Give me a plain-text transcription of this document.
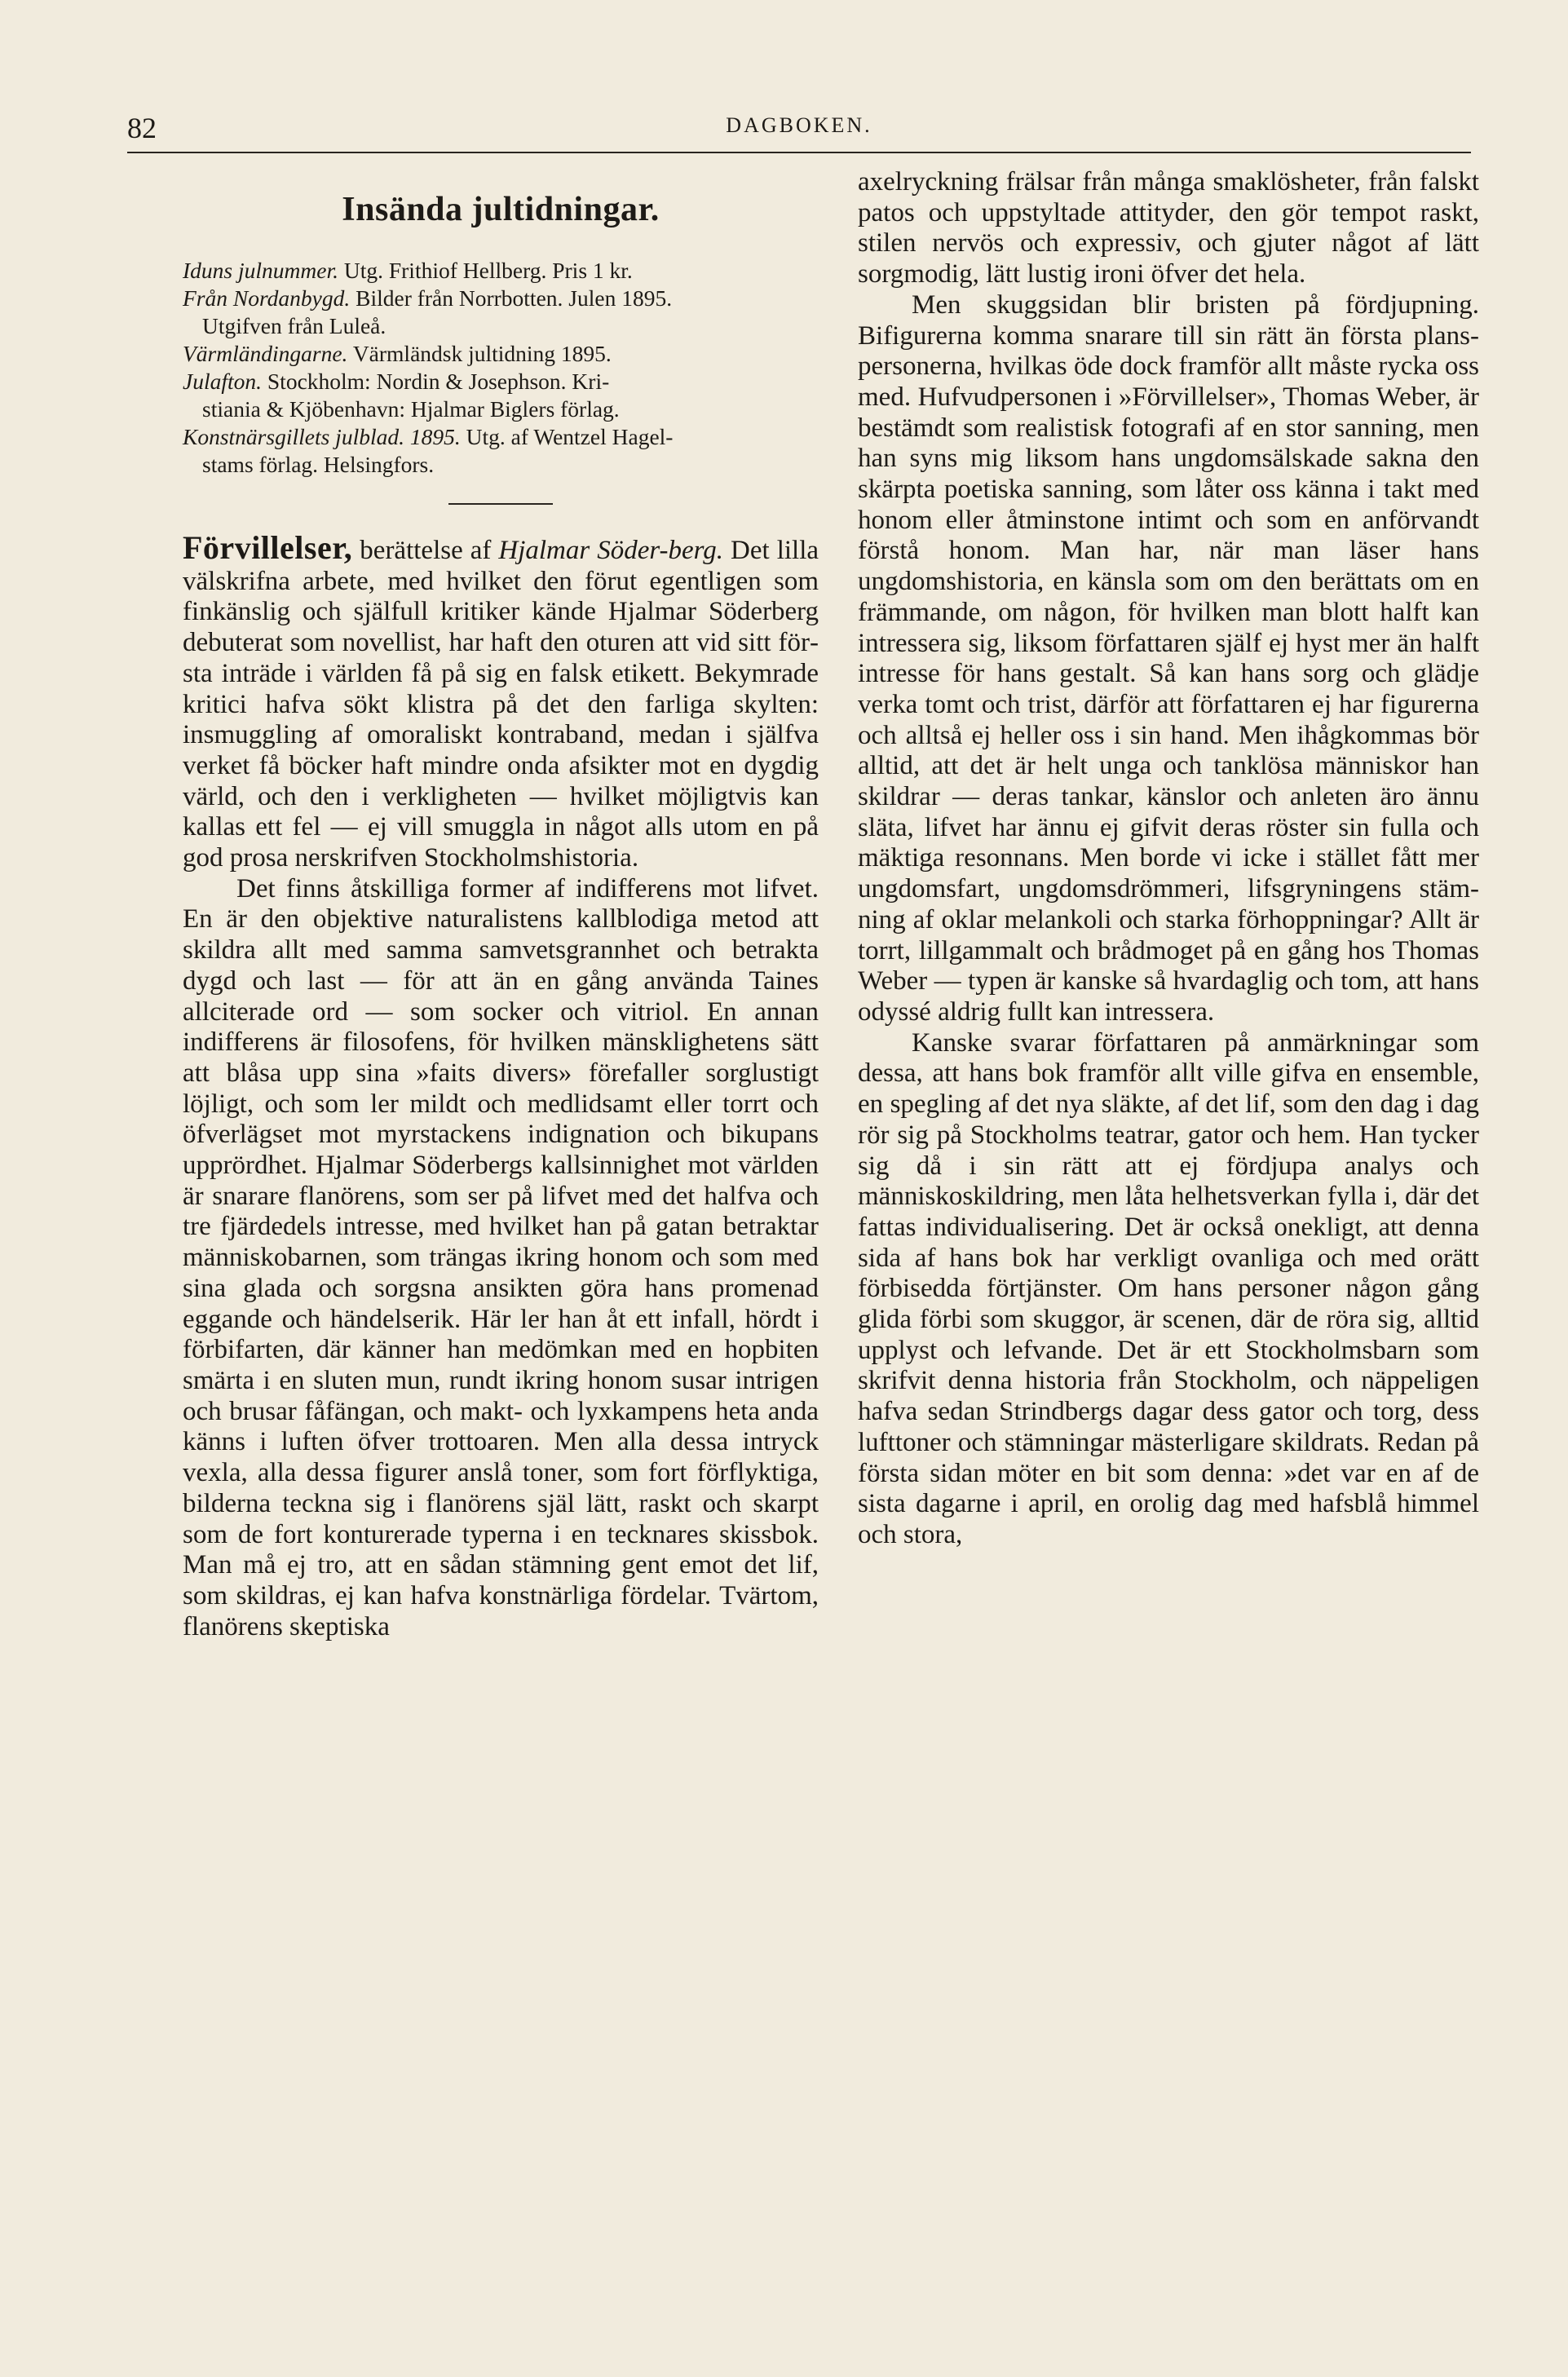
82	DAGBOKEN.
Insända jultidningar.

Iduns julnummer. Utg. Frithiof Hellberg. Pris 1 kr.

Från Nordanbygd. Bilder från Norrbotten. Julen 1895.
Utgifven från Luleå.

Värmländingarne. Värmländsk jultidning 1895.

Julafton. Stockholm: Nordin & Josephson. Kri-
stiania & Kjöbenhavn: Hjalmar Biglers förlag.

Konstnärsgillets julblad. 1895. Utg. af Wentzel Hagel-
stams förlag. Helsingfors.

Förvillelser, berättelse af Hjalmar Söder-berg. Det lilla välskrifna arbete, med hvilket den förut egentligen som finkänslig och själfull kritiker kände Hjalmar Söderberg debuterat som novellist, har haft den oturen att vid sitt första inträde i världen få på sig en falsk etikett. Bekymrade kritici hafva sökt klistra på det den farliga skylten: insmuggling af omoraliskt kontraband, medan i själfva verket få böcker haft mindre onda afsikter mot en dygdig värld, och den i verkligheten — hvilket möjligtvis kan kallas ett fel — ej vill smuggla in något alls utom en på god prosa nerskrifven Stockholmshistoria.

Det finns åtskilliga former af indifferens mot lifvet. En är den objektive naturalistens kallblodiga metod att skildra allt med samma samvetsgrannhet och betrakta dygd och last — för att än en gång använda Taines allciterade ord — som socker och vitriol. En annan indifferens är filosofens, för hvilken mänsklighetens sätt att blåsa upp sina »faits divers» förefaller sorglustigt löjligt, och som ler mildt och medlidsamt eller torrt och öfverlägset mot myrstackens indignation och bikupans upprördhet. Hjalmar Söderbergs kallsinnighet mot världen är snarare flanörens, som ser på lifvet med det halfva och tre fjärdedels intresse, med hvilket han på gatan betraktar människobarnen, som trängas ikring honom och som med sina glada och sorgsna ansikten göra hans promenad eggande och händelserik. Här ler han åt ett infall, hördt i förbifarten, där känner han medömkan med en hopbiten smärta i en sluten mun, rundt ikring honom susar intrigen och brusar fåfängan, och makt- och lyxkampens heta anda känns i luften öfver trottoaren. Men alla dessa intryck vexla, alla dessa figurer anslå toner, som fort förflyktiga, bilderna teckna sig i flanörens själ lätt, raskt och skarpt som de fort konturerade typerna i en tecknares skissbok. Man må ej tro, att en sådan stämning gent emot det lif, som skildras, ej kan hafva konstnärliga fördelar. Tvärtom, flanörens skeptiska

axelryckning frälsar från många smaklösheter, från falskt patos och uppstyltade attityder, den gör tempot raskt, stilen nervös och expressiv, och gjuter något af lätt sorgmodig, lätt lustig ironi öfver det hela.

Men skuggsidan blir bristen på fördjupning. Bifigurerna komma snarare till sin rätt än första plans-personerna, hvilkas öde dock framför allt måste rycka oss med. Hufvudpersonen i »Förvillelser», Thomas Weber, är bestämdt som realistisk fotografi af en stor sanning, men han syns mig liksom hans ungdomsälskade sakna den skärpta poetiska sanning, som låter oss känna i takt med honom eller åtminstone intimt och som en anförvandt förstå honom. Man har, när man läser hans ungdomshistoria, en känsla som om den berättats om en främmande, om någon, för hvilken man blott halft kan intressera sig, liksom författaren själf ej hyst mer än halft intresse för hans gestalt. Så kan hans sorg och glädje verka tomt och trist, därför att författaren ej har figurerna och alltså ej heller oss i sin hand. Men ihågkommas bör alltid, att det är helt unga och tanklösa människor han skildrar — deras tankar, känslor och anleten äro ännu släta, lifvet har ännu ej gifvit deras röster sin fulla och mäktiga resonnans. Men borde vi icke i stället fått mer ungdomsfart, ungdomsdrömmeri, lifsgryningens stämning af oklar melankoli och starka förhoppningar? Allt är torrt, lillgammalt och brådmoget på en gång hos Thomas Weber — typen är kanske så hvardaglig och tom, att hans odyssé aldrig fullt kan intressera.

Kanske svarar författaren på anmärkningar som dessa, att hans bok framför allt ville gifva en ensemble, en spegling af det nya släkte, af det lif, som den dag i dag rör sig på Stockholms teatrar, gator och hem. Han tycker sig då i sin rätt att ej fördjupa analys och människoskildring, men låta helhetsverkan fylla i, där det fattas individualisering. Det är också onekligt, att denna sida af hans bok har verkligt ovanliga och med orätt förbisedda förtjänster. Om hans personer någon gång glida förbi som skuggor, är scenen, där de röra sig, alltid upplyst och lefvande. Det är ett Stockholmsbarn som skrifvit denna historia från Stockholm, och näppeligen hafva sedan Strindbergs dagar dess gator och torg, dess lufttoner och stämningar mästerligare skildrats. Redan på första sidan möter en bit som denna: »det var en af de sista dagarne i april, en orolig dag med hafsblå himmel och stora,
